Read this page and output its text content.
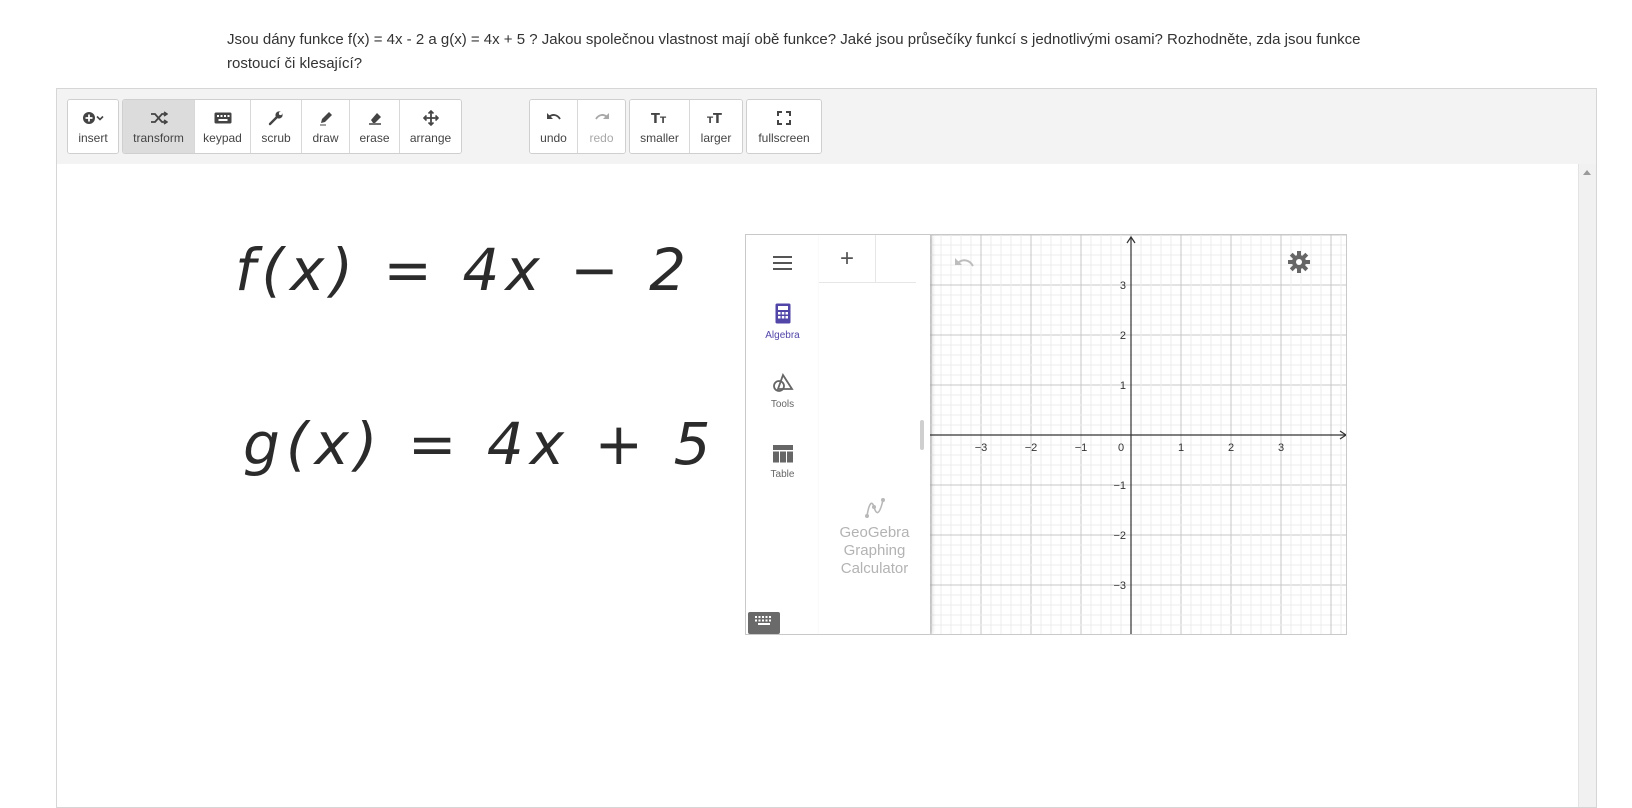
Jsou dány funkce f(x) = 4x - 2 a g(x) = 4x + 5 ? Jakou společnou vlastnost mají obě funkce? Jaké jsou průsečíky funkcí s jednotlivými osami? Rozhodněte, zda jsou funkce rostoucí či klesající?
insert transform keypad scrub draw erase arrange	undo redo
T T
smaller
T T
larger fullscreen
f(x) = 4x − 2
g(x) = 4x + 5
Algebra
Tools
Table
+
GeoGebra
Graphing
Calculator
−3	−2	−1	0	1	2	3
3
2
1
−1
−2
−3
